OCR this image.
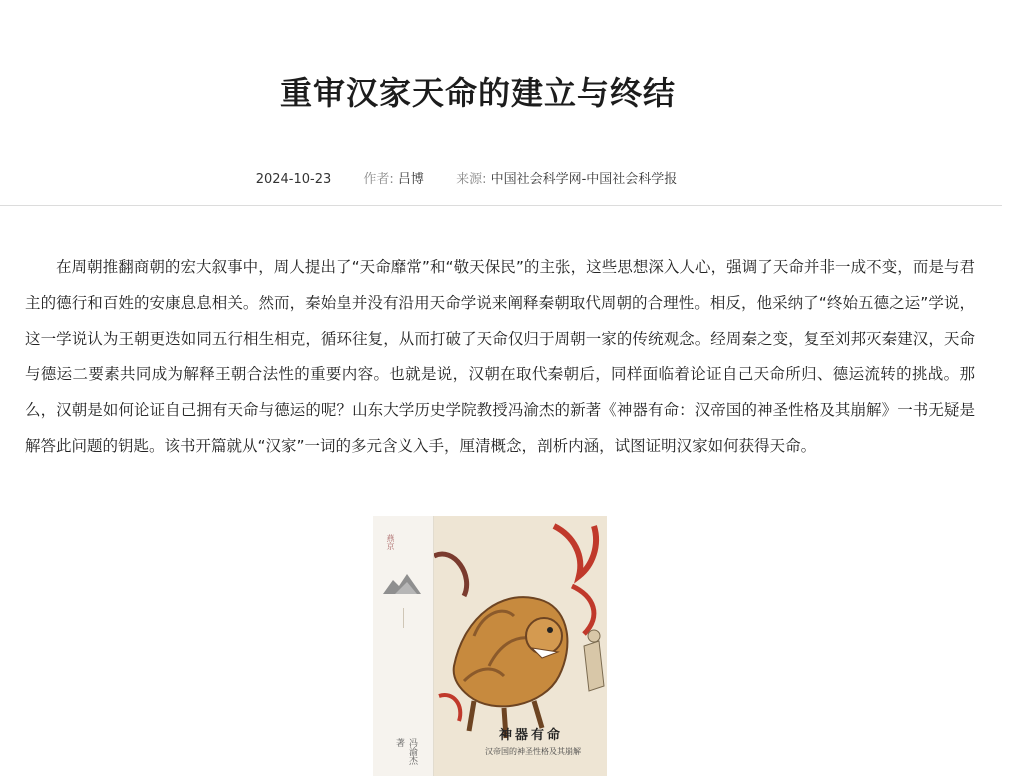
重审汉家天命的建立与终结
2024-10-23 作者: 吕博 来源: 中国社会科学网-中国社会科学报

在周朝推翻商朝的宏大叙事中，周人提出了“天命靡常”和“敬天保民”的主张，这些思想深入人心，强调了天命并非一成不变，而是与君主的德行和百姓的安康息息相关。然而，秦始皇并没有沿用天命学说来阐释秦朝取代周朝的合理性。相反，他采纳了“终始五德之运”学说，这一学说认为王朝更迭如同五行相生相克，循环往复，从而打破了天命仅归于周朝一家的传统观念。经周秦之变，复至刘邦灭秦建汉，天命与德运二要素共同成为解释王朝合法性的重要内容。也就是说，汉朝在取代秦朝后，同样面临着论证自己天命所归、德运流转的挑战。那么，汉朝是如何论证自己拥有天命与德运的呢？山东大学历史学院教授冯渝杰的新著《神器有命：汉帝国的神圣性格及其崩解》一书无疑是解答此问题的钥匙。该书开篇就从“汉家”一词的多元含义入手，厘清概念，剖析内涵，试图证明汉家如何获得天命。

燕京
冯渝杰 著	神器有命
汉帝国的神圣性格及其崩解
